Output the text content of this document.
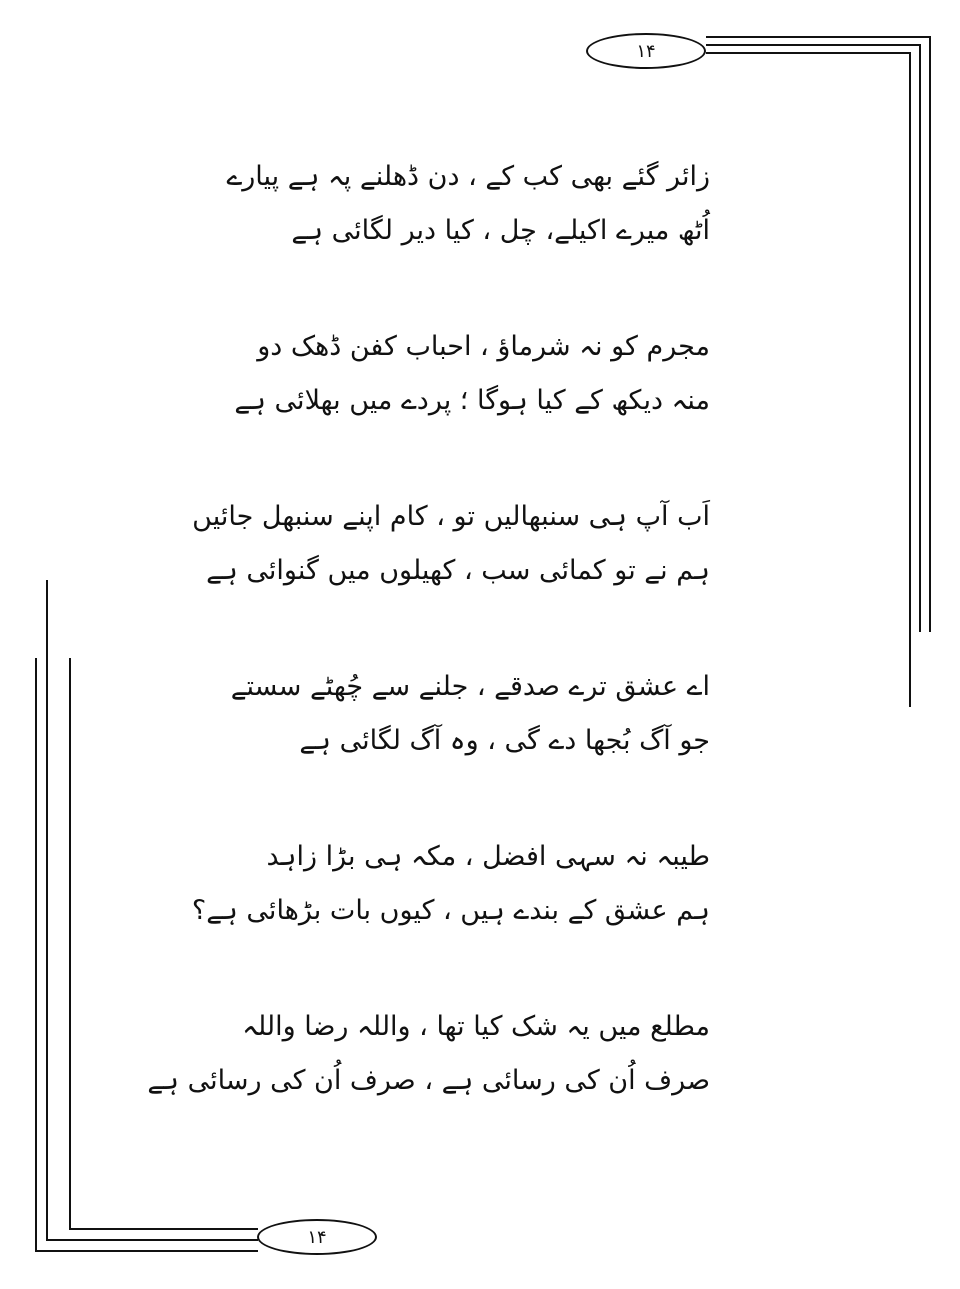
۱۴
زائر گئے بھی کب کے ، دن ڈھلنے پہ ہے پیارے
اُٹھ میرے اکیلے، چل ، کیا دیر لگائی ہے
مجرم کو نہ شرماؤ ، احباب کفن ڈھک دو
منہ دیکھ کے کیا ہوگا ؛ پردے میں بھلائی ہے
اَب آپ ہی سنبھالیں تو ، کام اپنے سنبھل جائیں
ہم نے تو کمائی سب ، کھیلوں میں گنوائی ہے
اے عشق ترے صدقے ، جلنے سے چُھٹے سستے
جو آگ بُجھا دے گی ، وہ آگ لگائی ہے
طیبہ نہ سہی افضل ، مکہ ہی بڑا زاہد
ہم عشق کے بندے ہیں ، کیوں بات بڑھائی ہے؟
مطلع میں یہ شک کیا تھا ، واللہ رضا واللہ
صرف اُن کی رسائی ہے ، صرف اُن کی رسائی ہے
۱۴
